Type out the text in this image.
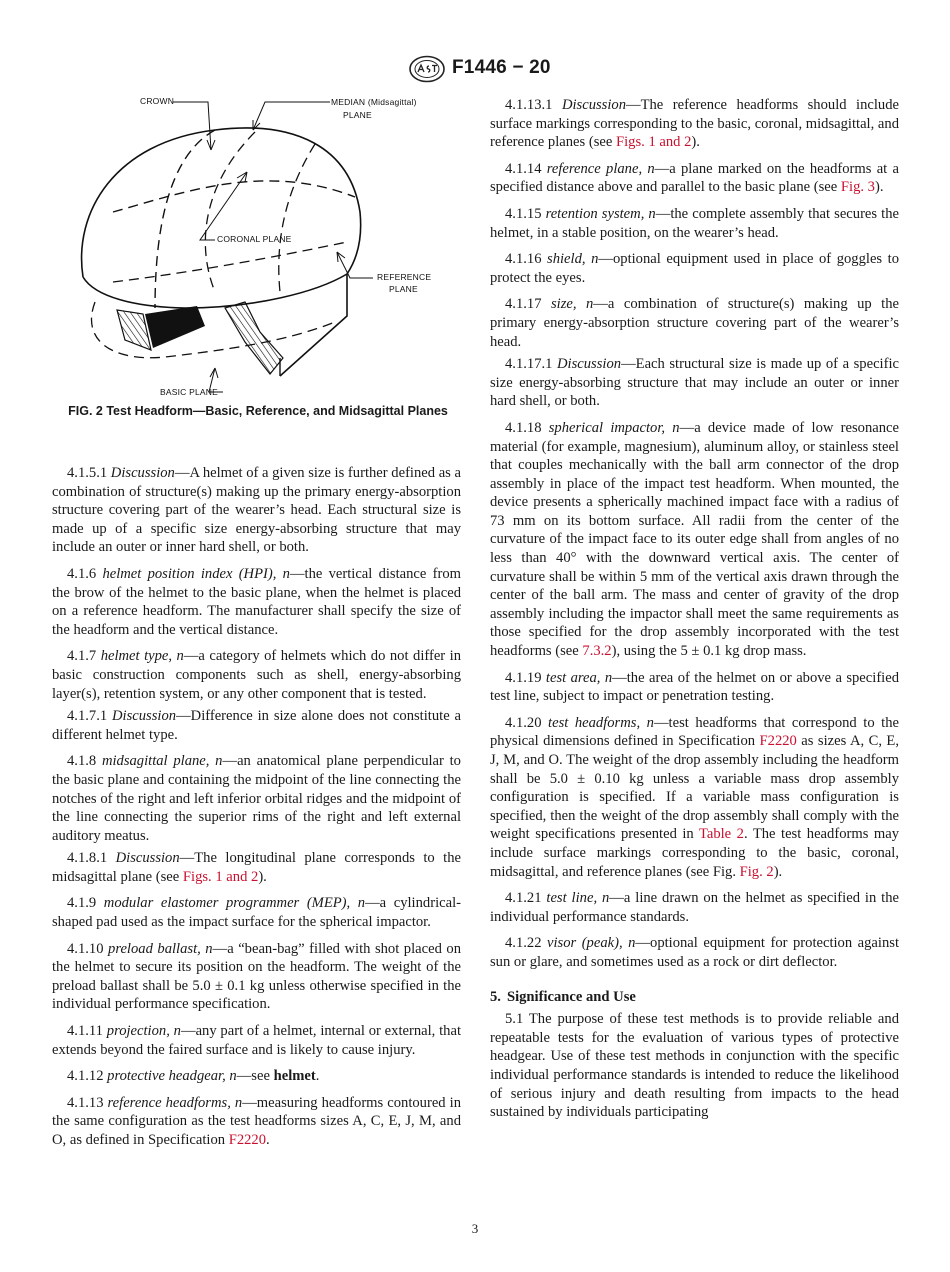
F1446 − 20
CROWN	MEDIAN (Midsagittal)
PLANE
CORONAL PLANE
REFERENCE
PLANE
BASIC PLANE
FIG. 2 Test Headform—Basic, Reference, and Midsagittal Planes

4.1.5.1 Discussion—A helmet of a given size is further defined as a combination of structure(s) making up the primary energy-absorption structure covering part of the wearer’s head. Each structural size is made up of a specific size energy-absorbing structure that may include an outer or inner hard shell, or both.

4.1.6 helmet position index (HPI), n—the vertical distance from the brow of the helmet to the basic plane, when the helmet is placed on a reference headform. The manufacturer shall specify the size of the headform and the vertical distance.

4.1.7 helmet type, n—a category of helmets which do not differ in basic construction components such as shell, energy-absorbing layer(s), retention system, or any other component that is tested.

4.1.7.1 Discussion—Difference in size alone does not constitute a different helmet type.

4.1.8 midsagittal plane, n—an anatomical plane perpendicular to the basic plane and containing the midpoint of the line connecting the notches of the right and left inferior orbital ridges and the midpoint of the line connecting the superior rims of the right and left external auditory meatus.

4.1.8.1 Discussion—The longitudinal plane corresponds to the midsagittal plane (see Figs. 1 and 2).

4.1.9 modular elastomer programmer (MEP), n—a cylindrical-shaped pad used as the impact surface for the spherical impactor.

4.1.10 preload ballast, n—a “bean-bag” filled with shot placed on the helmet to secure its position on the headform. The weight of the preload ballast shall be 5.0 ± 0.1 kg unless otherwise specified in the individual performance specification.

4.1.11 projection, n—any part of a helmet, internal or external, that extends beyond the faired surface and is likely to cause injury.

4.1.12 protective headgear, n—see helmet.

4.1.13 reference headforms, n—measuring headforms contoured in the same configuration as the test headforms sizes A, C, E, J, M, and O, as defined in Specification F2220.

4.1.13.1 Discussion—The reference headforms should include surface markings corresponding to the basic, coronal, midsagittal, and reference planes (see Figs. 1 and 2).

4.1.14 reference plane, n—a plane marked on the headforms at a specified distance above and parallel to the basic plane (see Fig. 3).

4.1.15 retention system, n—the complete assembly that secures the helmet, in a stable position, on the wearer’s head.

4.1.16 shield, n—optional equipment used in place of goggles to protect the eyes.

4.1.17 size, n—a combination of structure(s) making up the primary energy-absorption structure covering part of the wearer’s head.

4.1.17.1 Discussion—Each structural size is made up of a specific size energy-absorbing structure that may include an outer or inner hard shell, or both.

4.1.18 spherical impactor, n—a device made of low resonance material (for example, magnesium), aluminum alloy, or stainless steel that couples mechanically with the ball arm connector of the drop assembly in place of the impact test headform. When mounted, the device presents a spherically machined impact face with a radius of 73 mm on its bottom surface. All radii from the center of the curvature of the impact face to its outer edge shall from angles of no less than 40° with the downward vertical axis. The center of curvature shall be within 5 mm of the vertical axis drawn through the center of the ball arm. The mass and center of gravity of the drop assembly including the impactor shall meet the same requirements as those specified for the drop assembly incorporated with the test headforms (see 7.3.2), using the 5 ± 0.1 kg drop mass.

4.1.19 test area, n—the area of the helmet on or above a specified test line, subject to impact or penetration testing.

4.1.20 test headforms, n—test headforms that correspond to the physical dimensions defined in Specification F2220 as sizes A, C, E, J, M, and O. The weight of the drop assembly including the headform shall be 5.0 ± 0.10 kg unless a variable mass drop assembly configuration is specified. If a variable mass configuration is specified, then the weight of the drop assembly shall comply with the weight specifications presented in Table 2. The test headforms may include surface markings corresponding to the basic, coronal, midsagittal, and reference planes (see Fig. Fig. 2).

4.1.21 test line, n—a line drawn on the helmet as specified in the individual performance standards.

4.1.22 visor (peak), n—optional equipment for protection against sun or glare, and sometimes used as a rock or dirt deflector.

5. Significance and Use

5.1 The purpose of these test methods is to provide reliable and repeatable tests for the evaluation of various types of protective headgear. Use of these test methods in conjunction with the specific individual performance standards is intended to reduce the likelihood of serious injury and death resulting from impacts to the head sustained by individuals participating

3
